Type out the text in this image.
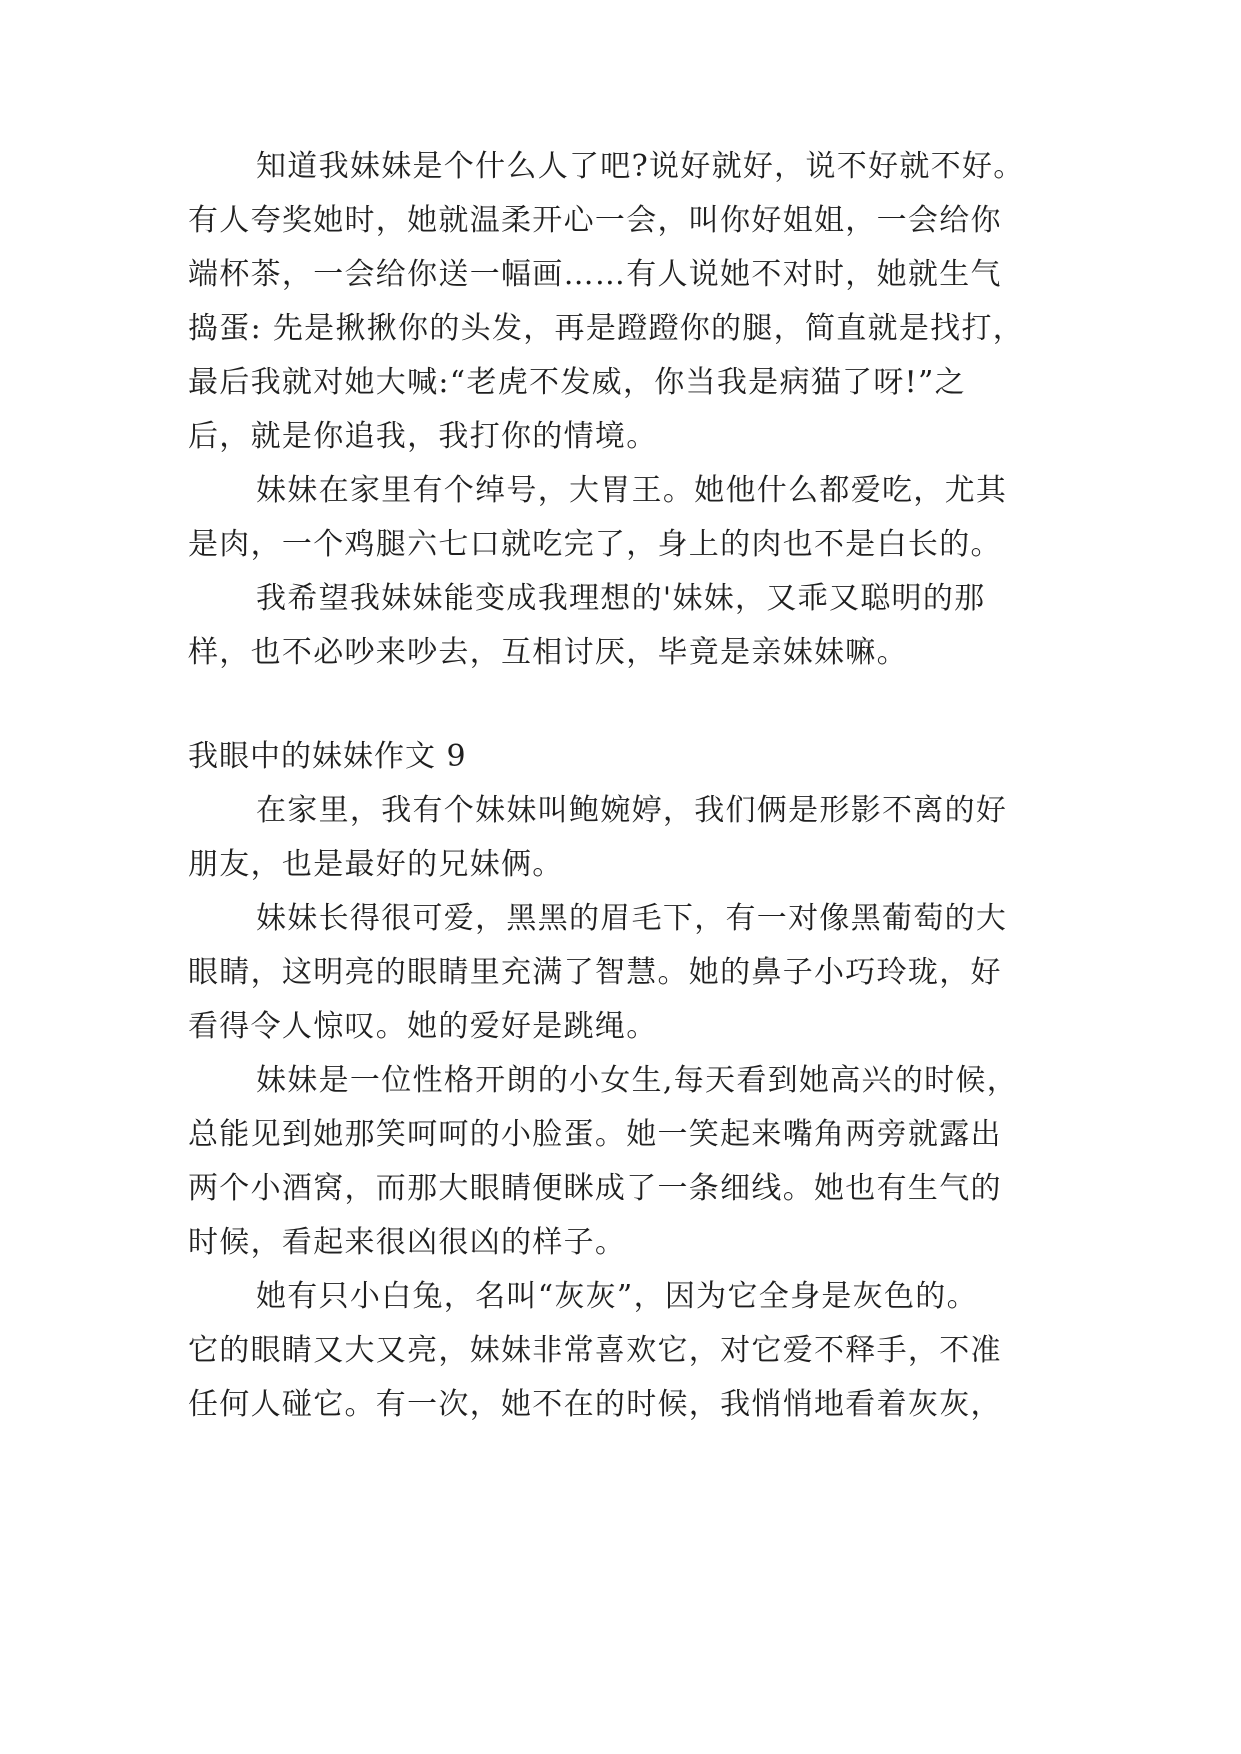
知道我妹妹是个什么人了吧?说好就好，说不好就不好。

有人夸奖她时，她就温柔开心一会，叫你好姐姐，一会给你

端杯茶，一会给你送一幅画……有人说她不对时，她就生气

捣蛋: 先是揪揪你的头发，再是蹬蹬你的腿，简直就是找打，

最后我就对她大喊:“老虎不发威，你当我是病猫了呀!”之

后，就是你追我，我打你的情境。

妹妹在家里有个绰号，大胃王。她他什么都爱吃，尤其

是肉，一个鸡腿六七口就吃完了，身上的肉也不是白长的。

我希望我妹妹能变成我理想的'妹妹，又乖又聪明的那

样，也不必吵来吵去，互相讨厌，毕竟是亲妹妹嘛。

我眼中的妹妹作文 9

在家里，我有个妹妹叫鲍婉婷，我们俩是形影不离的好

朋友，也是最好的兄妹俩。

妹妹长得很可爱，黑黑的眉毛下，有一对像黑葡萄的大

眼睛，这明亮的眼睛里充满了智慧。她的鼻子小巧玲珑，好

看得令人惊叹。她的爱好是跳绳。

妹妹是一位性格开朗的小女生,每天看到她高兴的时候，

总能见到她那笑呵呵的小脸蛋。她一笑起来嘴角两旁就露出

两个小酒窝，而那大眼睛便眯成了一条细线。她也有生气的

时候，看起来很凶很凶的样子。

她有只小白兔，名叫“灰灰”，因为它全身是灰色的。

它的眼睛又大又亮，妹妹非常喜欢它，对它爱不释手，不准

任何人碰它。有一次，她不在的时候，我悄悄地看着灰灰，
